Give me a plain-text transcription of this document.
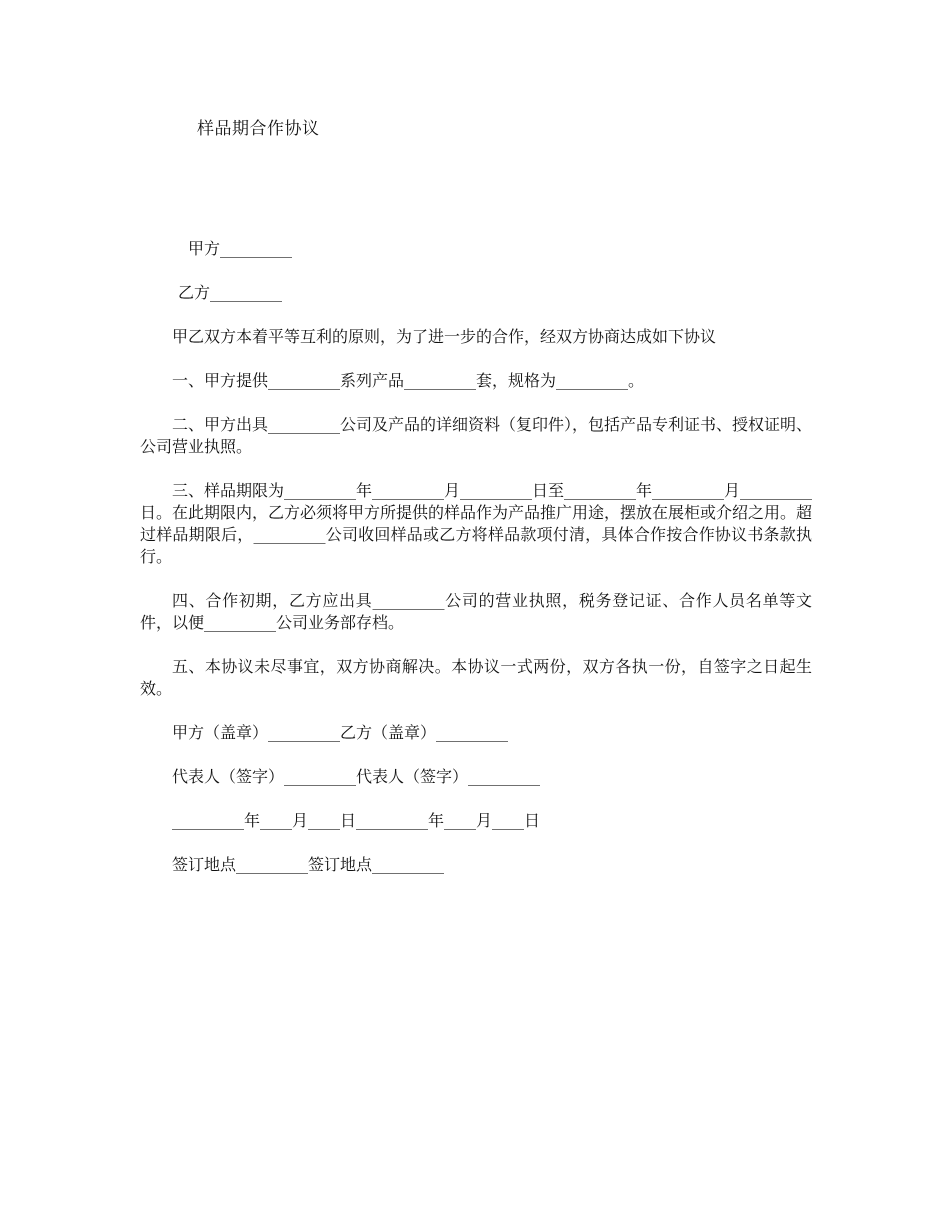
样品期合作协议
甲方_________
乙方_________

甲乙双方本着平等互利的原则，为了进一步的合作，经双方协商达成如下协议

一、甲方提供_________系列产品_________套，规格为_________。

二、甲方出具_________公司及产品的详细资料（复印件），包括产品专利证书、授权证明、公司营业执照。

三、样品期限为_________年_________月_________日至_________年_________月_________日。在此期限内，乙方必须将甲方所提供的样品作为产品推广用途，摆放在展柜或介绍之用。超过样品期限后，_________公司收回样品或乙方将样品款项付清，具体合作按合作协议书条款执行。

四、合作初期，乙方应出具_________公司的营业执照，税务登记证、合作人员名单等文件，以便_________公司业务部存档。

五、本协议未尽事宜，双方协商解决。本协议一式两份，双方各执一份，自签字之日起生效。

甲方（盖章）_________乙方（盖章）_________

代表人（签字）_________代表人（签字）_________

_________年____月____日_________年____月____日

签订地点_________签订地点_________
